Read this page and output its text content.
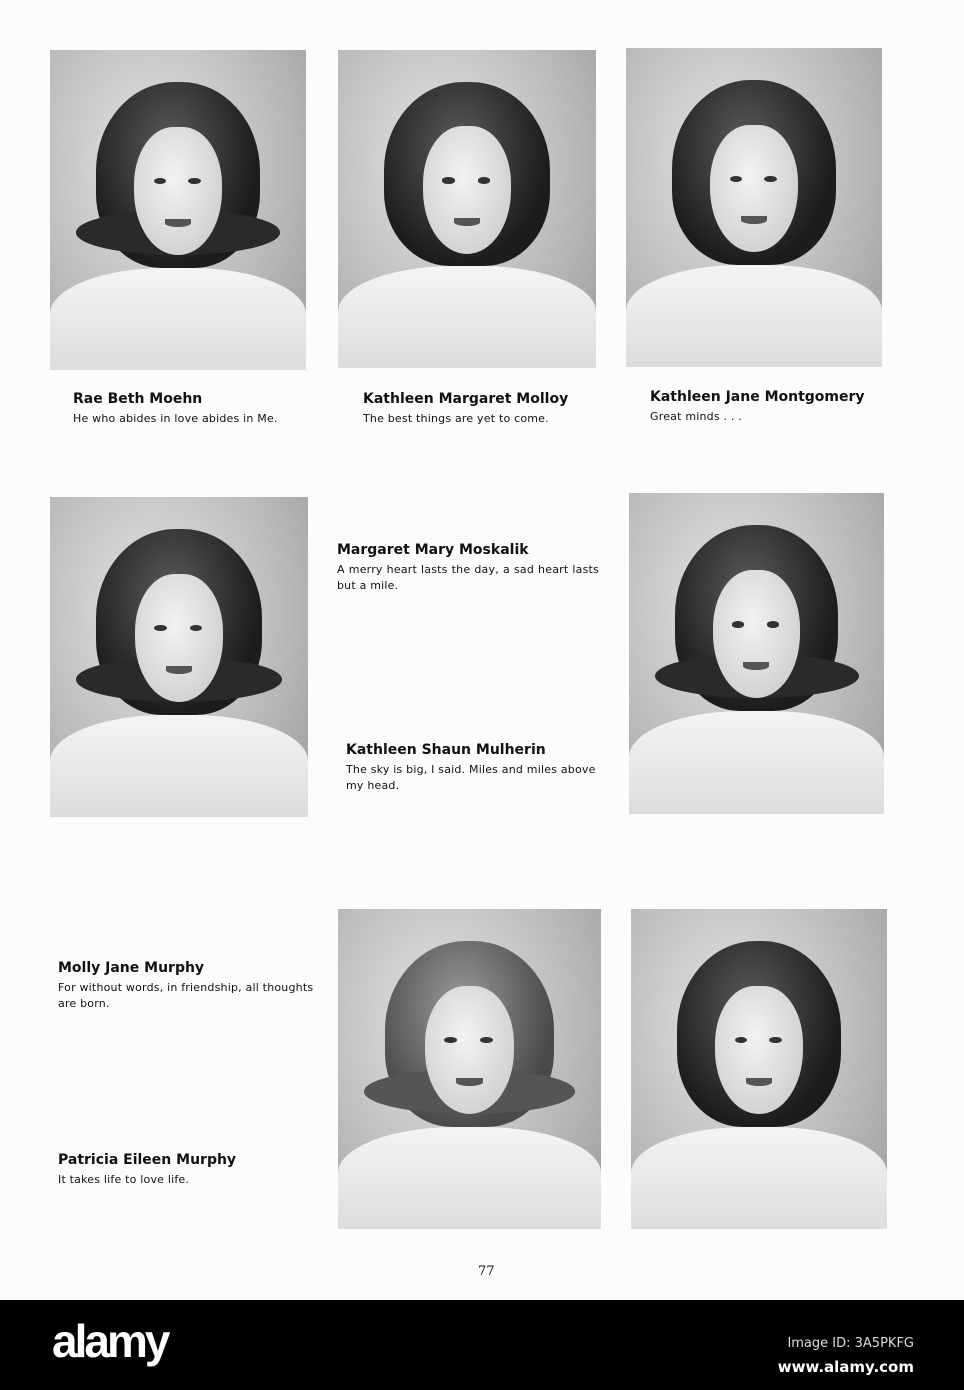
Rae Beth Moehn
He who abides in love abides in Me.
Kathleen Margaret Molloy
The best things are yet to come.
Kathleen Jane Montgomery
Great minds . . .
Margaret Mary Moskalik
A merry heart lasts the day, a sad heart lasts but a mile.
Kathleen Shaun Mulherin
The sky is big, I said. Miles and miles above my head.
Molly Jane Murphy
For without words, in friendship, all thoughts are born.
Patricia Eileen Murphy
It takes life to love life.
77
alamy	Image ID: 3A5PKFG
www.alamy.com
